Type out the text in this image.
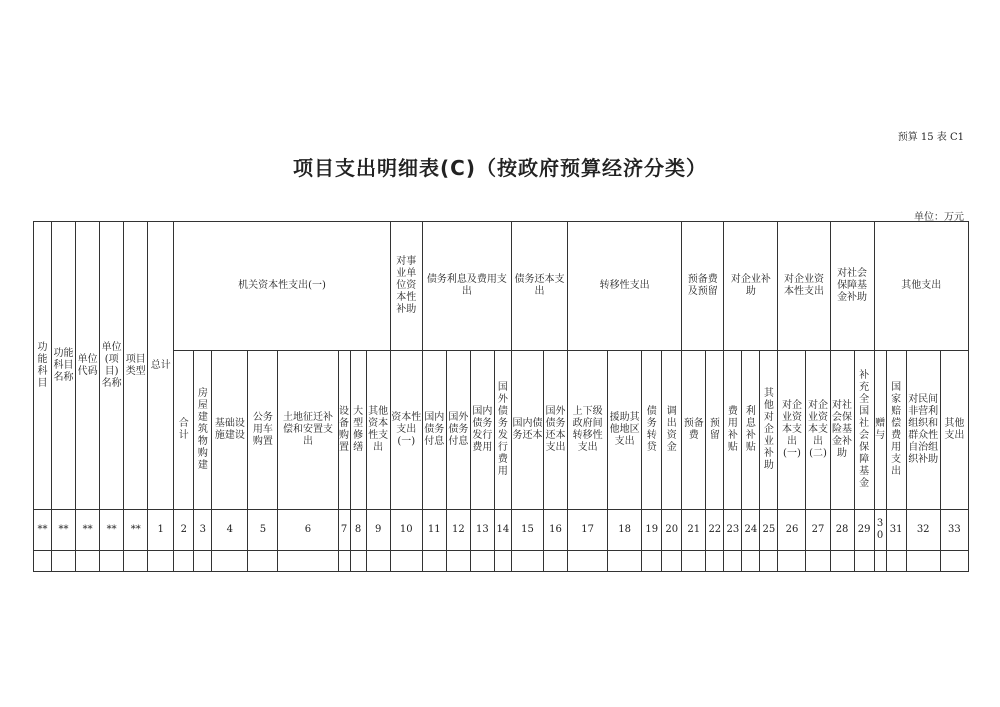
预算 15 表 C1
项目支出明细表(C)（按政府预算经济分类）
单位：万元
功能科目	功能科目名称	单位代码	单位(项目)名称	项目类型	总计	机关资本性支出(一)								对事业单位资本性补助	债务利息及费用支出				债务还本支出		转移性支出				预备费及预留		对企业补助			对企业资本性支出		对社会保障基金补助		其他支出			
						合计	房屋建筑物购建	基础设施建设	公务用车购置	土地征迁补偿和安置支出	设备购置	大型修缮	其他资本性支出	资本性支出(一)	国内债务付息	国外债务付息	国内债务发行费用	国外债务发行费用	国内债务还本	国外债务还本支出	上下级政府间转移性支出	援助其他地区支出	债务转贷	调出资金	预备费	预留	费用补贴	利息补贴	其他对企业补助	对企业资本支出(一)	对企业资本支出(二)	对社会保险基金补助	补充全国社会保障基金	赠与	国家赔偿费用支出	对民间非营利组织和群众性自治组织补助	其他支出
**	**	**	**	**	1	2	3	4	5	6	7	8	9	10	11	12	13	14	15	16	17	18	19	20	21	22	23	24	25	26	27	28	29	30	31	32	33
